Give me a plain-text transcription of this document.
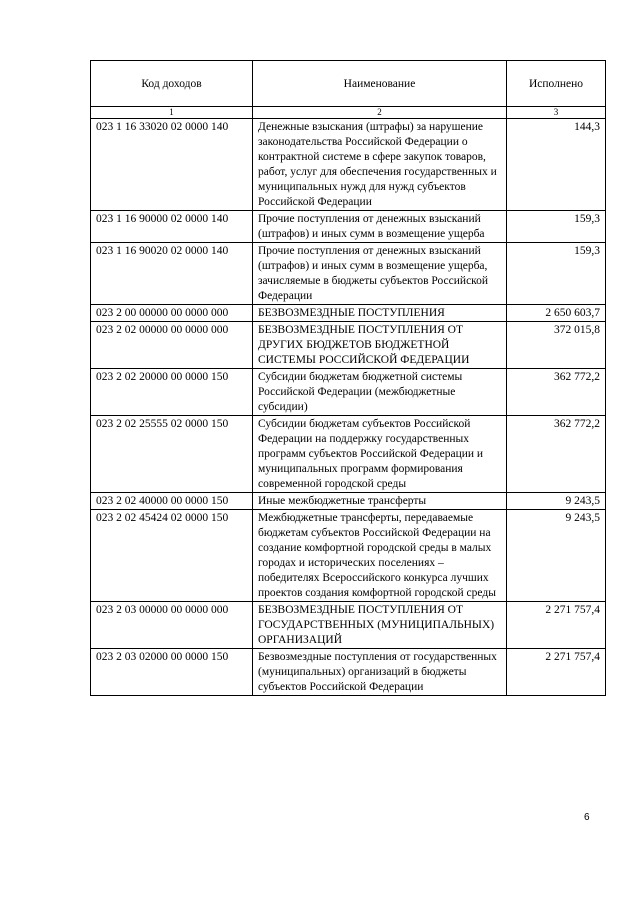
Код доходов	Наименование	Исполнено
1	2	3
023 1 16 33020 02 0000 140	Денежные взыскания (штрафы) за нарушение законодательства Российской Федерации о контрактной системе в сфере закупок товаров, работ, услуг для обеспечения государственных и муниципальных нужд для нужд субъектов Российской Федерации	144,3
023 1 16 90000 02 0000 140	Прочие поступления от денежных взысканий (штрафов) и иных сумм в возмещение ущерба	159,3
023 1 16 90020 02 0000 140	Прочие поступления от денежных взысканий (штрафов) и иных сумм в возмещение ущерба, зачисляемые в бюджеты субъектов Российской Федерации	159,3
023 2 00 00000 00 0000 000	БЕЗВОЗМЕЗДНЫЕ ПОСТУПЛЕНИЯ	2 650 603,7
023 2 02 00000 00 0000 000	БЕЗВОЗМЕЗДНЫЕ ПОСТУПЛЕНИЯ ОТ ДРУГИХ БЮДЖЕТОВ БЮДЖЕТНОЙ СИСТЕМЫ РОССИЙСКОЙ ФЕДЕРАЦИИ	372 015,8
023 2 02 20000 00 0000 150	Субсидии бюджетам бюджетной системы Российской Федерации (межбюджетные субсидии)	362 772,2
023 2 02 25555 02 0000 150	Субсидии бюджетам субъектов Российской Федерации на поддержку государственных программ субъектов Российской Федерации и муниципальных программ формирования современной городской среды	362 772,2
023 2 02 40000 00 0000 150	Иные межбюджетные трансферты	9 243,5
023 2 02 45424 02 0000 150	Межбюджетные трансферты, передаваемые бюджетам субъектов Российской Федерации на создание комфортной городской среды в малых городах и исторических поселениях – победителях Всероссийского конкурса лучших проектов создания комфортной городской среды	9 243,5
023 2 03 00000 00 0000 000	БЕЗВОЗМЕЗДНЫЕ ПОСТУПЛЕНИЯ ОТ ГОСУДАРСТВЕННЫХ (МУНИЦИПАЛЬНЫХ) ОРГАНИЗАЦИЙ	2 271 757,4
023 2 03 02000 00 0000 150	Безвозмездные поступления от государственных (муниципальных) организаций в бюджеты субъектов Российской Федерации	2 271 757,4
6
